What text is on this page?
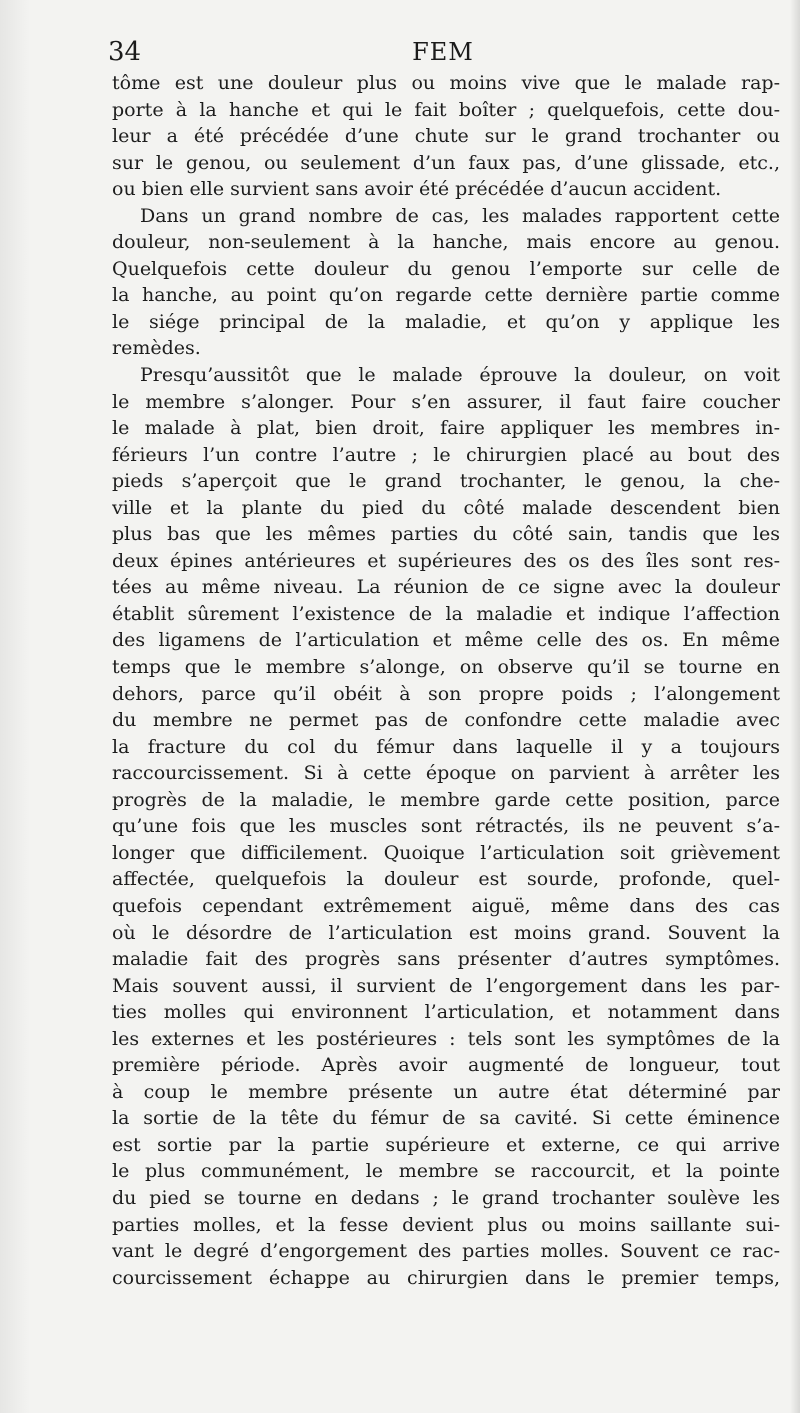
34	FEM
tôme est une douleur plus ou moins vive que le malade rap-
porte à la hanche et qui le fait boîter ; quelquefois, cette dou-
leur a été précédée d’une chute sur le grand trochanter ou
sur le genou, ou seulement d’un faux pas, d’une glissade, etc.,
ou bien elle survient sans avoir été précédée d’aucun accident.
Dans un grand nombre de cas, les malades rapportent cette
douleur, non-seulement à la hanche, mais encore au genou.
Quelquefois cette douleur du genou l’emporte sur celle de
la hanche, au point qu’on regarde cette dernière partie comme
le siége principal de la maladie, et qu’on y applique les
remèdes.
Presqu’aussitôt que le malade éprouve la douleur, on voit
le membre s’alonger. Pour s’en assurer, il faut faire coucher
le malade à plat, bien droit, faire appliquer les membres in-
férieurs l’un contre l’autre ; le chirurgien placé au bout des
pieds s’aperçoit que le grand trochanter, le genou, la che-
ville et la plante du pied du côté malade descendent bien
plus bas que les mêmes parties du côté sain, tandis que les
deux épines antérieures et supérieures des os des îles sont res-
tées au même niveau. La réunion de ce signe avec la douleur
établit sûrement l’existence de la maladie et indique l’affection
des ligamens de l’articulation et même celle des os. En même
temps que le membre s’alonge, on observe qu’il se tourne en
dehors, parce qu’il obéit à son propre poids ; l’alongement
du membre ne permet pas de confondre cette maladie avec
la fracture du col du fémur dans laquelle il y a toujours
raccourcissement. Si à cette époque on parvient à arrêter les
progrès de la maladie, le membre garde cette position, parce
qu’une fois que les muscles sont rétractés, ils ne peuvent s’a-
longer que difficilement. Quoique l’articulation soit grièvement
affectée, quelquefois la douleur est sourde, profonde, quel-
quefois cependant extrêmement aiguë, même dans des cas
où le désordre de l’articulation est moins grand. Souvent la
maladie fait des progrès sans présenter d’autres symptômes.
Mais souvent aussi, il survient de l’engorgement dans les par-
ties molles qui environnent l’articulation, et notamment dans
les externes et les postérieures : tels sont les symptômes de la
première période. Après avoir augmenté de longueur, tout
à coup le membre présente un autre état déterminé par
la sortie de la tête du fémur de sa cavité. Si cette éminence
est sortie par la partie supérieure et externe, ce qui arrive
le plus communément, le membre se raccourcit, et la pointe
du pied se tourne en dedans ; le grand trochanter soulève les
parties molles, et la fesse devient plus ou moins saillante sui-
vant le degré d’engorgement des parties molles. Souvent ce rac-
courcissement échappe au chirurgien dans le premier temps,
